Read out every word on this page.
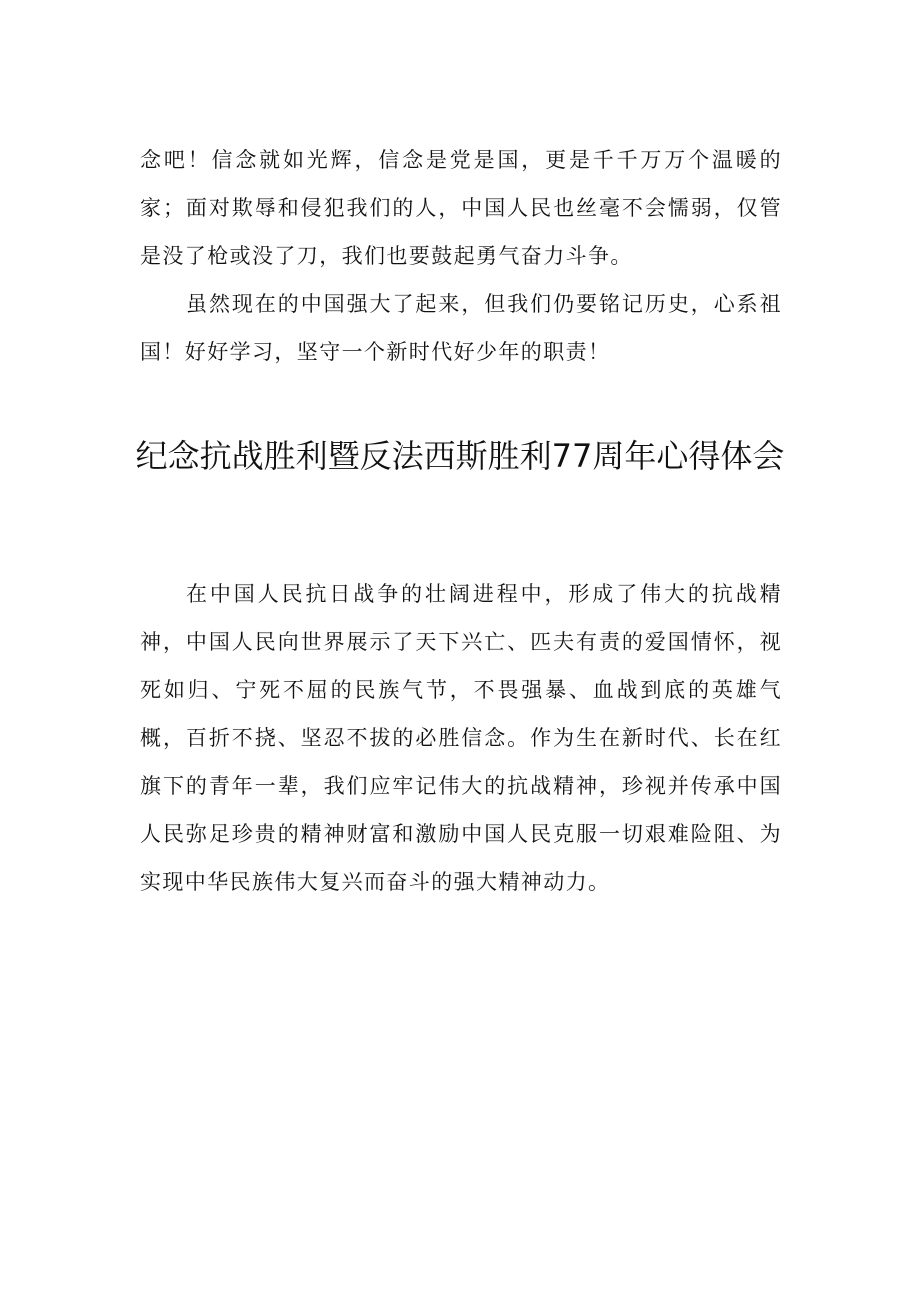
念吧！信念就如光辉，信念是党是国，更是千千万万个温暖的家；面对欺辱和侵犯我们的人，中国人民也丝毫不会懦弱，仅管是没了枪或没了刀，我们也要鼓起勇气奋力斗争。

虽然现在的中国强大了起来，但我们仍要铭记历史，心系祖国！好好学习，坚守一个新时代好少年的职责！

纪念抗战胜利暨反法西斯胜利77周年心得体会

在中国人民抗日战争的壮阔进程中，形成了伟大的抗战精神，中国人民向世界展示了天下兴亡、匹夫有责的爱国情怀，视死如归、宁死不屈的民族气节，不畏强暴、血战到底的英雄气概，百折不挠、坚忍不拔的必胜信念。作为生在新时代、长在红旗下的青年一辈，我们应牢记伟大的抗战精神，珍视并传承中国人民弥足珍贵的精神财富和激励中国人民克服一切艰难险阻、为实现中华民族伟大复兴而奋斗的强大精神动力。
